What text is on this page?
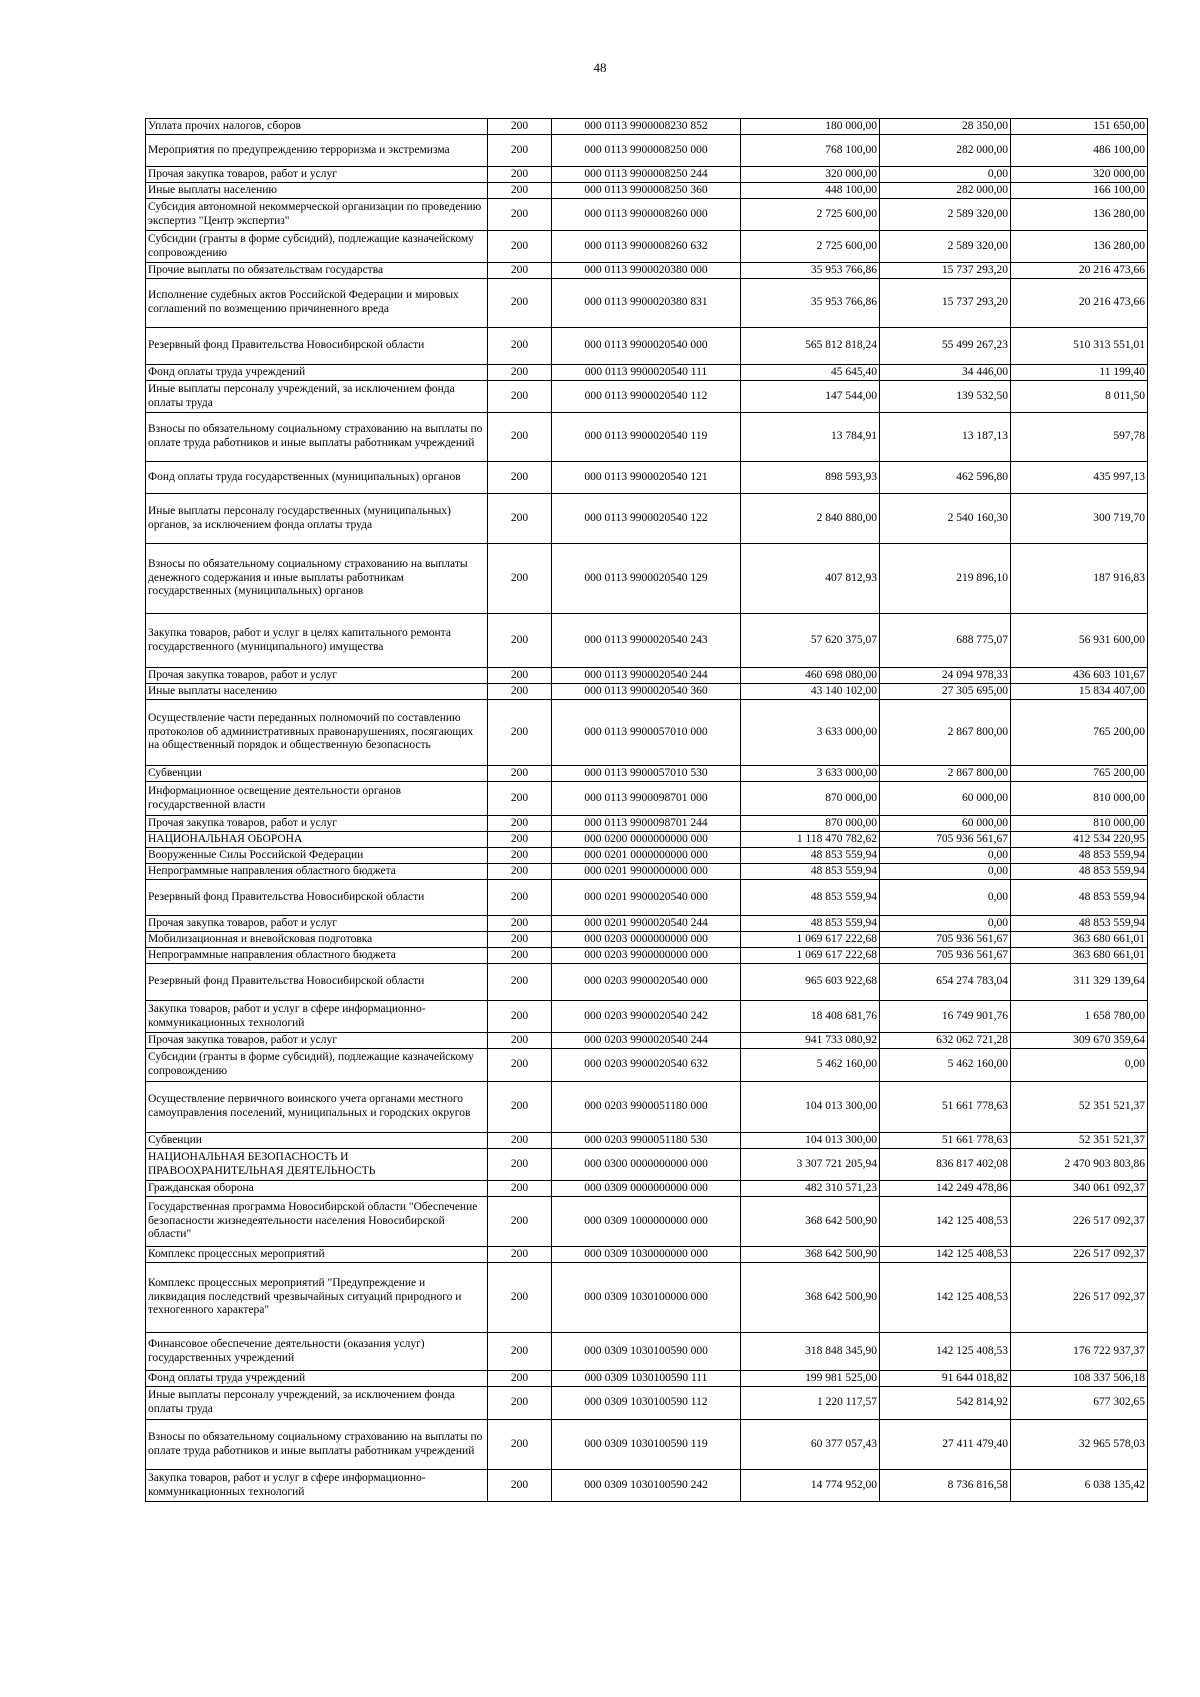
48
Уплата прочих налогов, сборов	200	000 0113 9900008230 852	180 000,00	28 350,00	151 650,00
Мероприятия по предупреждению терроризма и экстремизма	200	000 0113 9900008250 000	768 100,00	282 000,00	486 100,00
Прочая закупка товаров, работ и услуг	200	000 0113 9900008250 244	320 000,00	0,00	320 000,00
Иные выплаты населению	200	000 0113 9900008250 360	448 100,00	282 000,00	166 100,00
Субсидия автономной некоммерческой организации по проведению экспертиз "Центр экспертиз"	200	000 0113 9900008260 000	2 725 600,00	2 589 320,00	136 280,00
Субсидии (гранты в форме субсидий), подлежащие казначейскому сопровождению	200	000 0113 9900008260 632	2 725 600,00	2 589 320,00	136 280,00
Прочие выплаты по обязательствам государства	200	000 0113 9900020380 000	35 953 766,86	15 737 293,20	20 216 473,66
Исполнение судебных актов Российской Федерации и мировых соглашений по возмещению причиненного вреда	200	000 0113 9900020380 831	35 953 766,86	15 737 293,20	20 216 473,66
Резервный фонд Правительства Новосибирской области	200	000 0113 9900020540 000	565 812 818,24	55 499 267,23	510 313 551,01
Фонд оплаты труда учреждений	200	000 0113 9900020540 111	45 645,40	34 446,00	11 199,40
Иные выплаты персоналу учреждений, за исключением фонда оплаты труда	200	000 0113 9900020540 112	147 544,00	139 532,50	8 011,50
Взносы по обязательному социальному страхованию на выплаты по оплате труда работников и иные выплаты работникам учреждений	200	000 0113 9900020540 119	13 784,91	13 187,13	597,78
Фонд оплаты труда государственных (муниципальных) органов	200	000 0113 9900020540 121	898 593,93	462 596,80	435 997,13
Иные выплаты персоналу государственных (муниципальных) органов, за исключением фонда оплаты труда	200	000 0113 9900020540 122	2 840 880,00	2 540 160,30	300 719,70
Взносы по обязательному социальному страхованию на выплаты денежного содержания и иные выплаты работникам государственных (муниципальных) органов	200	000 0113 9900020540 129	407 812,93	219 896,10	187 916,83
Закупка товаров, работ и услуг в целях капитального ремонта государственного (муниципального) имущества	200	000 0113 9900020540 243	57 620 375,07	688 775,07	56 931 600,00
Прочая закупка товаров, работ и услуг	200	000 0113 9900020540 244	460 698 080,00	24 094 978,33	436 603 101,67
Иные выплаты населению	200	000 0113 9900020540 360	43 140 102,00	27 305 695,00	15 834 407,00
Осуществление части переданных полномочий по составлению протоколов об административных правонарушениях, посягающих на общественный порядок и общественную безопасность	200	000 0113 9900057010 000	3 633 000,00	2 867 800,00	765 200,00
Субвенции	200	000 0113 9900057010 530	3 633 000,00	2 867 800,00	765 200,00
Информационное освещение деятельности органов государственной власти	200	000 0113 9900098701 000	870 000,00	60 000,00	810 000,00
Прочая закупка товаров, работ и услуг	200	000 0113 9900098701 244	870 000,00	60 000,00	810 000,00
НАЦИОНАЛЬНАЯ ОБОРОНА	200	000 0200 0000000000 000	1 118 470 782,62	705 936 561,67	412 534 220,95
Вооруженные Силы Российской Федерации	200	000 0201 0000000000 000	48 853 559,94	0,00	48 853 559,94
Непрограммные направления областного бюджета	200	000 0201 9900000000 000	48 853 559,94	0,00	48 853 559,94
Резервный фонд Правительства Новосибирской области	200	000 0201 9900020540 000	48 853 559,94	0,00	48 853 559,94
Прочая закупка товаров, работ и услуг	200	000 0201 9900020540 244	48 853 559,94	0,00	48 853 559,94
Мобилизационная и вневойсковая подготовка	200	000 0203 0000000000 000	1 069 617 222,68	705 936 561,67	363 680 661,01
Непрограммные направления областного бюджета	200	000 0203 9900000000 000	1 069 617 222,68	705 936 561,67	363 680 661,01
Резервный фонд Правительства Новосибирской области	200	000 0203 9900020540 000	965 603 922,68	654 274 783,04	311 329 139,64
Закупка товаров, работ и услуг в сфере информационно-коммуникационных технологий	200	000 0203 9900020540 242	18 408 681,76	16 749 901,76	1 658 780,00
Прочая закупка товаров, работ и услуг	200	000 0203 9900020540 244	941 733 080,92	632 062 721,28	309 670 359,64
Субсидии (гранты в форме субсидий), подлежащие казначейскому сопровождению	200	000 0203 9900020540 632	5 462 160,00	5 462 160,00	0,00
Осуществление первичного воинского учета органами местного самоуправления поселений, муниципальных и городских округов	200	000 0203 9900051180 000	104 013 300,00	51 661 778,63	52 351 521,37
Субвенции	200	000 0203 9900051180 530	104 013 300,00	51 661 778,63	52 351 521,37
НАЦИОНАЛЬНАЯ БЕЗОПАСНОСТЬ И ПРАВООХРАНИТЕЛЬНАЯ ДЕЯТЕЛЬНОСТЬ	200	000 0300 0000000000 000	3 307 721 205,94	836 817 402,08	2 470 903 803,86
Гражданская оборона	200	000 0309 0000000000 000	482 310 571,23	142 249 478,86	340 061 092,37
Государственная программа Новосибирской области "Обеспечение безопасности жизнедеятельности населения Новосибирской области"	200	000 0309 1000000000 000	368 642 500,90	142 125 408,53	226 517 092,37
Комплекс процессных мероприятий	200	000 0309 1030000000 000	368 642 500,90	142 125 408,53	226 517 092,37
Комплекс процессных мероприятий "Предупреждение и ликвидация последствий чрезвычайных ситуаций природного и техногенного характера"	200	000 0309 1030100000 000	368 642 500,90	142 125 408,53	226 517 092,37
Финансовое обеспечение деятельности (оказания услуг) государственных учреждений	200	000 0309 1030100590 000	318 848 345,90	142 125 408,53	176 722 937,37
Фонд оплаты труда учреждений	200	000 0309 1030100590 111	199 981 525,00	91 644 018,82	108 337 506,18
Иные выплаты персоналу учреждений, за исключением фонда оплаты труда	200	000 0309 1030100590 112	1 220 117,57	542 814,92	677 302,65
Взносы по обязательному социальному страхованию на выплаты по оплате труда работников и иные выплаты работникам учреждений	200	000 0309 1030100590 119	60 377 057,43	27 411 479,40	32 965 578,03
Закупка товаров, работ и услуг в сфере информационно-коммуникационных технологий	200	000 0309 1030100590 242	14 774 952,00	8 736 816,58	6 038 135,42
